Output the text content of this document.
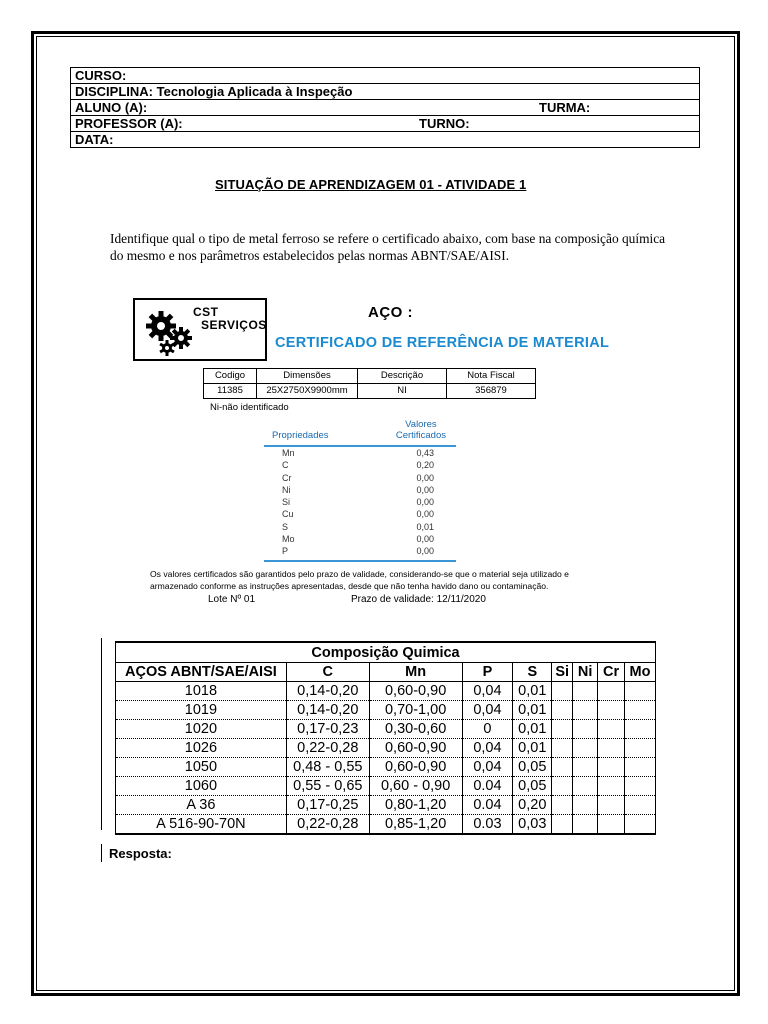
CURSO:
DISCIPLINA: Tecnologia Aplicada à Inspeção
ALUNO (A):	TURMA:

PROFESSOR (A):	TURNO:

DATA:
SITUAÇÃO DE APRENDIZAGEM 01 - ATIVIDADE 1
Identifique qual o tipo de metal ferroso se refere o certificado abaixo, com base na composição química do mesmo e nos parâmetros estabelecidos pelas normas ABNT/SAE/AISI.
CST
SERVIÇOS
AÇO :
CERTIFICADO DE REFERÊNCIA DE MATERIAL
Codigo	Dimensões	Descrição	Nota Fiscal
11385	25X2750X9900mm	NI	356879
Ni-não identificado
Propriedades
Valores
Certificados
Mn	0,43
C	0,20
Cr	0,00
Ni	0,00
Si	0,00
Cu	0,00
S	0,01
Mo	0,00
P	0,00
Os valores certificados são garantidos pelo prazo de validade, considerando-se que o material seja utilizado e armazenado conforme as instruções apresentadas, desde que não tenha havido dano ou contaminação.
Lote Nº 01	Prazo de validade: 12/11/2020
Composição Quimica								
AÇOS ABNT/SAE/AISI	C	Mn	P	S	Si	Ni	Cr	Mo
1018	0,14-0,20	0,60-0,90	0,04	0,01				
1019	0,14-0,20	0,70-1,00	0,04	0,01				
1020	0,17-0,23	0,30-0,60	0	0,01				
1026	0,22-0,28	0,60-0,90	0,04	0,01				
1050	0,48 - 0,55	0,60-0,90	0,04	0,05				
1060	0,55 - 0,65	0,60 - 0,90	0.04	0,05				
A 36	0,17-0,25	0,80-1,20	0.04	0,20				
A 516-90-70N	0,22-0,28	0,85-1,20	0.03	0,03				
Resposta:
